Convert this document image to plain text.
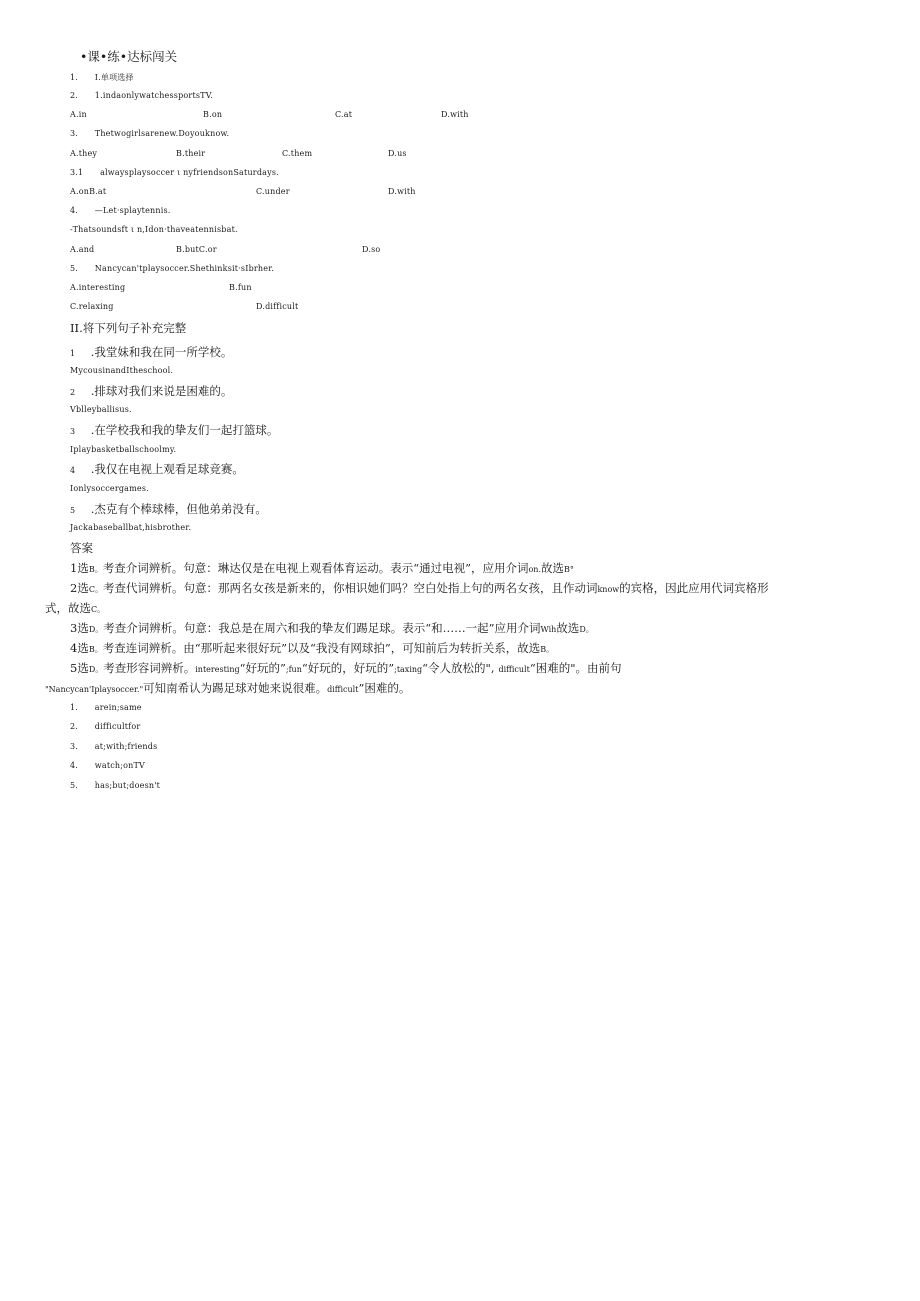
•课•练•达标闯关
1. I.单项选择
2. 1.indaonlywatchessportsTV.
A.in	B.on	C.at	D.with
3. Thetwogirlsarenew.Doyouknow.
A.they	B.their	C.them	D.us
3.1 alwaysplaysoccer ι nyfriendsonSaturdays.
A.onB.at	C.under	D.with
4. —Let·splaytennis.
-Thatsoundsft ι n,Idon·thaveatennisbat.
A.and	B.butC.or	D.so
5. Nancycan'tplaysoccer.Shethinksit·sIbrher.
A.interesting	B.fun
C.relaxing	D.difficult
II.将下列句子补充完整
1 .我堂妹和我在同一所学校。
MycousinandItheschool.
2 .排球对我们来说是困难的。
Vblleyballisus.
3 .在学校我和我的挚友们一起打篮球。
Iplaybasketballschoolmy.
4 .我仅在电视上观看足球竞赛。
Ionlysoccergames.
5 .杰克有个棒球棒，但他弟弟没有。
Jackabaseballbat,hisbrother.
答案
1选B。考查介词辨析。句意：琳达仅是在电视上观看体育运动。表示“通过电视”，应用介词on.故选B°
2选C。考查代词辨析。句意：那两名女孩是新来的，你相识她们吗？空白处指上句的两名女孩，且作动词know的宾格，因此应用代词宾格形
式，故选C。
3选D。考查介词辨析。句意：我总是在周六和我的挚友们踢足球。表示“和……一起”应用介词Wih故选D。
4选B。考查连词辨析。由“那听起来很好玩”以及“我没有网球拍”，可知前后为转折关系，故选B。
5选D。考查形容词辨析。interesting“好玩的”;fun“好玩的，好玩的”;taxing“令人放松的", difficult“困难的"。由前句
"Nancycan'Iplaysoccer."可知南希认为踢足球对她来说很难。difficult”困难的。
1. arein;same
2. difficultfor
3. at;with;friends
4. watch;onTV
5. has;but;doesn't
